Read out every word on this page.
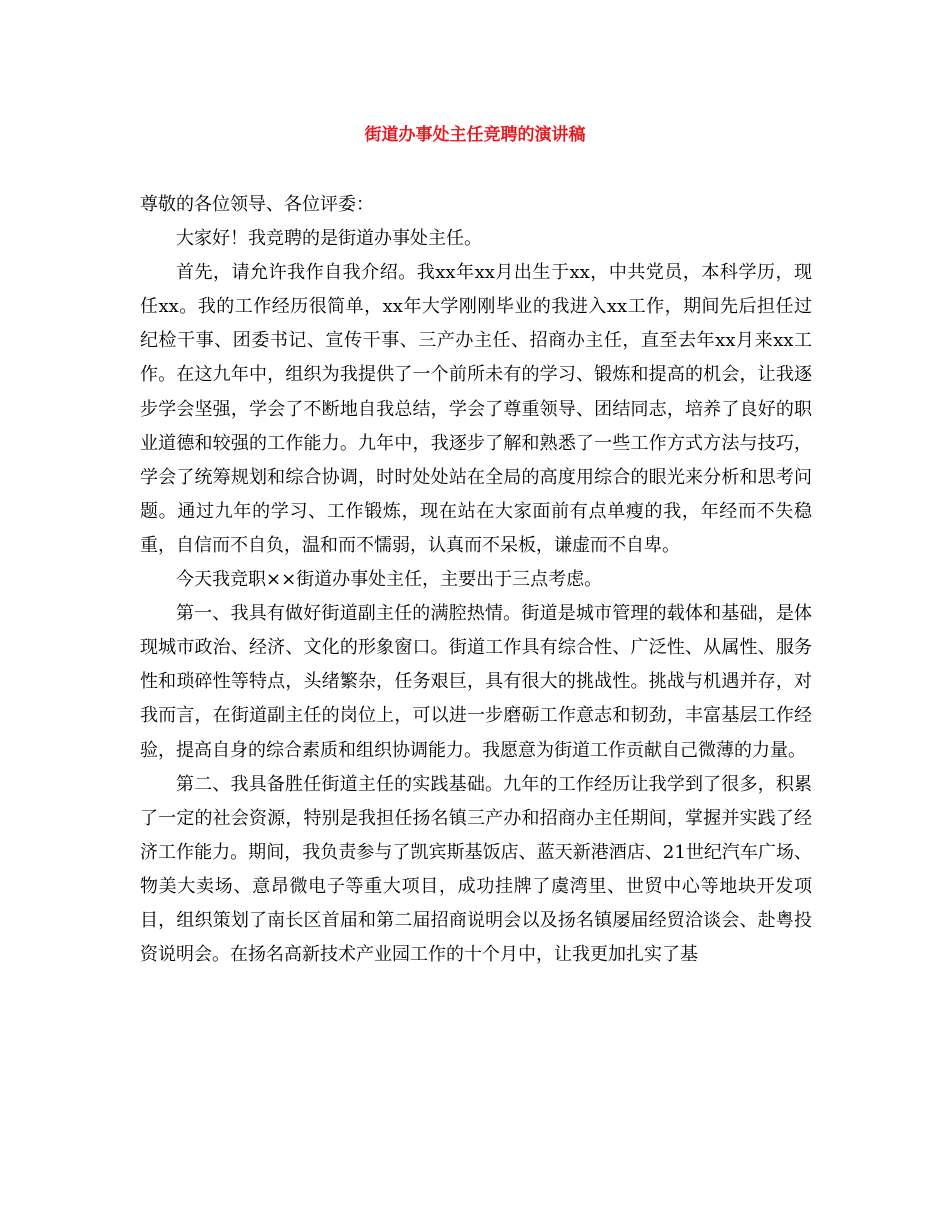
街道办事处主任竞聘的演讲稿

尊敬的各位领导、各位评委：

大家好！我竞聘的是街道办事处主任。

首先，请允许我作自我介绍。我xx年xx月出生于xx，中共党员，本科学历，现任xx。我的工作经历很简单，xx年大学刚刚毕业的我进入xx工作，期间先后担任过纪检干事、团委书记、宣传干事、三产办主任、招商办主任，直至去年xx月来xx工作。在这九年中，组织为我提供了一个前所未有的学习、锻炼和提高的机会，让我逐步学会坚强，学会了不断地自我总结，学会了尊重领导、团结同志，培养了良好的职业道德和较强的工作能力。九年中，我逐步了解和熟悉了一些工作方式方法与技巧，学会了统筹规划和综合协调，时时处处站在全局的高度用综合的眼光来分析和思考问题。通过九年的学习、工作锻炼，现在站在大家面前有点单瘦的我，年经而不失稳重，自信而不自负，温和而不懦弱，认真而不呆板，谦虚而不自卑。

今天我竞职××街道办事处主任，主要出于三点考虑。

第一、我具有做好街道副主任的满腔热情。街道是城市管理的载体和基础，是体现城市政治、经济、文化的形象窗口。街道工作具有综合性、广泛性、从属性、服务性和琐碎性等特点，头绪繁杂，任务艰巨，具有很大的挑战性。挑战与机遇并存，对我而言，在街道副主任的岗位上，可以进一步磨砺工作意志和韧劲，丰富基层工作经验，提高自身的综合素质和组织协调能力。我愿意为街道工作贡献自己微薄的力量。

第二、我具备胜任街道主任的实践基础。九年的工作经历让我学到了很多，积累了一定的社会资源，特别是我担任扬名镇三产办和招商办主任期间，掌握并实践了经济工作能力。期间，我负责参与了凯宾斯基饭店、蓝天新港酒店、21世纪汽车广场、物美大卖场、意昂微电子等重大项目，成功挂牌了虞湾里、世贸中心等地块开发项目，组织策划了南长区首届和第二届招商说明会以及扬名镇屡届经贸洽谈会、赴粤投资说明会。在扬名高新技术产业园工作的十个月中，让我更加扎实了基
